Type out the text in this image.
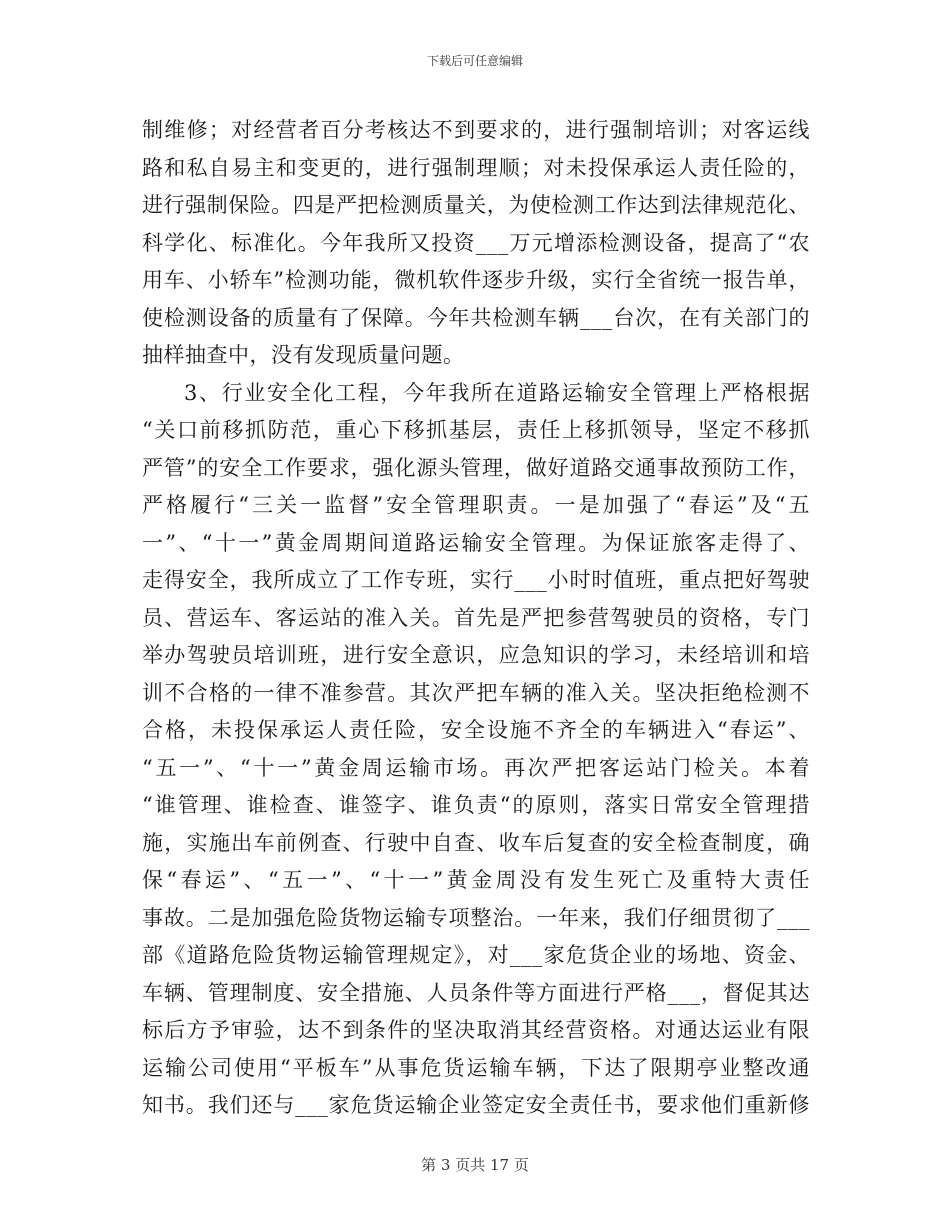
下载后可任意编辑
制维修；对经营者百分考核达不到要求的，进行强制培训；对客运线
路和私自易主和变更的，进行强制理顺；对未投保承运人责任险的，
进行强制保险。四是严把检测质量关，为使检测工作达到法律规范化、
科学化、标准化。今年我所又投资___万元增添检测设备，提高了“农
用车、小轿车”检测功能，微机软件逐步升级，实行全省统一报告单，
使检测设备的质量有了保障。今年共检测车辆___台次，在有关部门的
抽样抽查中，没有发现质量问题。
3、行业安全化工程，今年我所在道路运输安全管理上严格根据
“关口前移抓防范，重心下移抓基层，责任上移抓领导，坚定不移抓
严管”的安全工作要求，强化源头管理，做好道路交通事故预防工作，
严格履行“三关一监督”安全管理职责。一是加强了“春运”及“五
一”、“十一”黄金周期间道路运输安全管理。为保证旅客走得了、
走得安全，我所成立了工作专班，实行___小时时值班，重点把好驾驶
员、营运车、客运站的准入关。首先是严把参营驾驶员的资格，专门
举办驾驶员培训班，进行安全意识，应急知识的学习，未经培训和培
训不合格的一律不准参营。其次严把车辆的准入关。坚决拒绝检测不
合格，未投保承运人责任险，安全设施不齐全的车辆进入“春运”、
“五一”、“十一”黄金周运输市场。再次严把客运站门检关。本着
“谁管理、谁检查、谁签字、谁负责“的原则，落实日常安全管理措
施，实施出车前例查、行驶中自查、收车后复查的安全检查制度，确
保“春运”、“五一”、“十一”黄金周没有发生死亡及重特大责任
事故。二是加强危险货物运输专项整治。一年来，我们仔细贯彻了___
部《道路危险货物运输管理规定》，对___家危货企业的场地、资金、
车辆、管理制度、安全措施、人员条件等方面进行严格___，督促其达
标后方予审验，达不到条件的坚决取消其经营资格。对通达运业有限
运输公司使用“平板车”从事危货运输车辆，下达了限期亭业整改通
知书。我们还与___家危货运输企业签定安全责任书，要求他们重新修
第 3 页共 17 页
